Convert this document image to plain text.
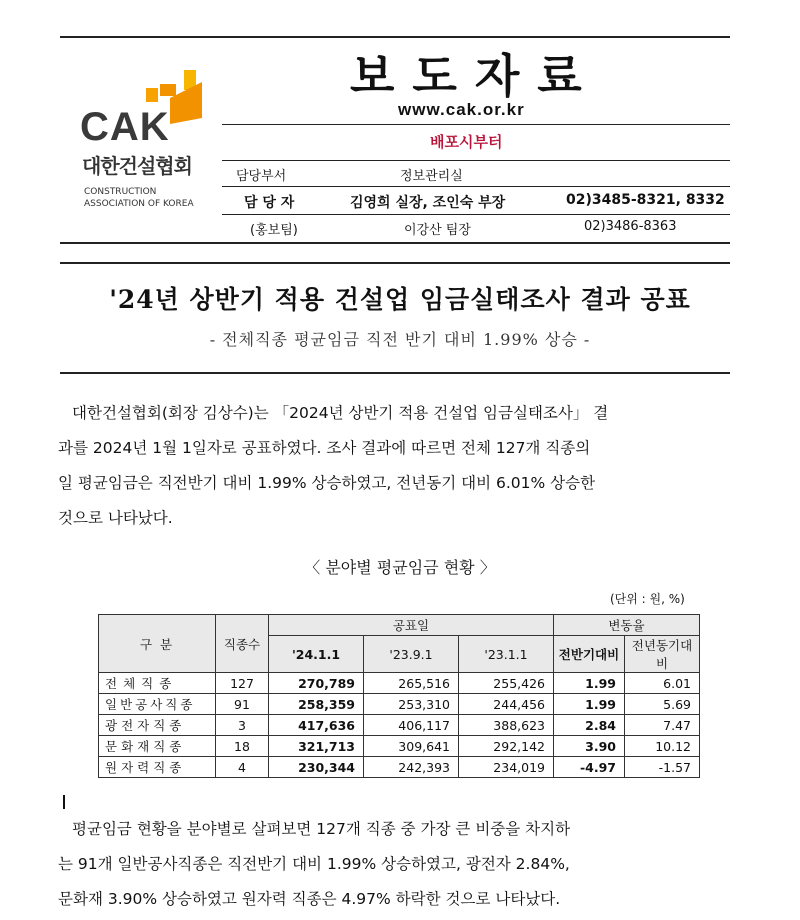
CAK
대한건설협회
CONSTRUCTION
ASSOCIATION OF KOREA
보도자료
www.cak.or.kr
배포시부터
담당부서	정보관리실
담 당 자	김영희 실장, 조인숙 부장	02)3485-8321, 8332
(홍보팀)	이강산 팀장	02)3486-8363
'24년 상반기 적용 건설업 임금실태조사 결과 공표
- 전체직종 평균임금 직전 반기 대비 1.99% 상승 -
대한건설협회(회장 김상수)는 「2024년 상반기 적용 건설업 임금실태조사」 결
과를 2024년 1월 1일자로 공표하였다. 조사 결과에 따르면 전체 127개 직종의
일 평균임금은 직전반기 대비 1.99% 상승하였고, 전년동기 대비 6.01% 상승한
것으로 나타났다.
〈 분야별 평균임금 현황 〉
(단위 : 원, %)
구 분	직종수	공표일			변동율	
		'24.1.1	'23.9.1	'23.1.1	전반기대비	전년동기대비
전체직종	127	270,789	265,516	255,426	1.99	6.01
일반공사직종	91	258,359	253,310	244,456	1.99	5.69
광전자직종	3	417,636	406,117	388,623	2.84	7.47
문화재직종	18	321,713	309,641	292,142	3.90	10.12
원자력직종	4	230,344	242,393	234,019	-4.97	-1.57
평균임금 현황을 분야별로 살펴보면 127개 직종 중 가장 큰 비중을 차지하
는 91개 일반공사직종은 직전반기 대비 1.99% 상승하였고, 광전자 2.84%,
문화재 3.90% 상승하였고 원자력 직종은 4.97% 하락한 것으로 나타났다.
